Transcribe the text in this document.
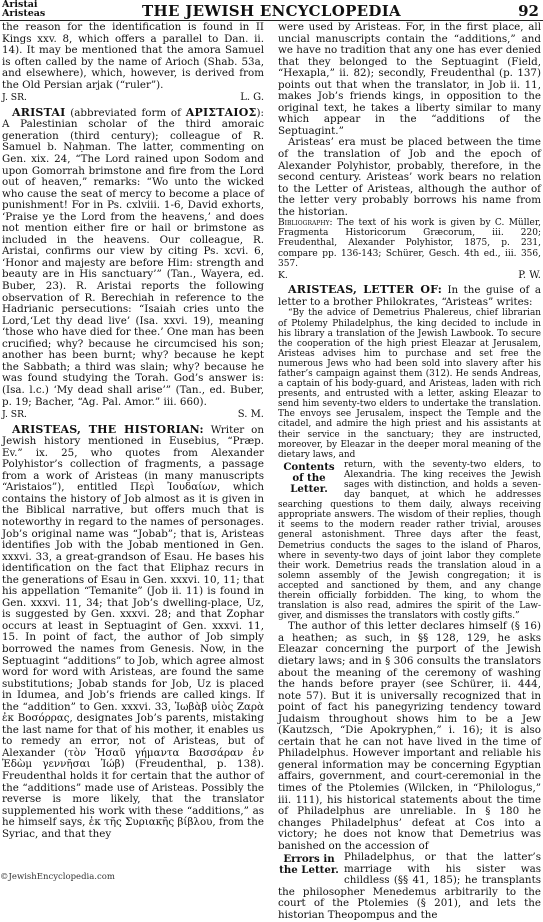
Aristai
Aristeas	THE JEWISH ENCYCLOPEDIA	92

the reason for the identification is found in II Kings xxv. 8, which offers a parallel to Dan. ii. 14). It may be mentioned that the amora Samuel is often called by the name of Arioch (Shab. 53a, and elsewhere), which, however, is derived from the Old Persian arjak (“ruler”).

J. SR.	L. G.

ARISTAI (abbreviated form of ΑΡΙΣΤΑΙΟΣ): A Palestinian scholar of the third amoraic generation (third century); colleague of R. Samuel b. Naḥman. The latter, commenting on Gen. xix. 24, “The Lord rained upon Sodom and upon Gomorrah brimstone and fire from the Lord out of heaven,” remarks: “Wo unto the wicked who cause the seat of mercy to become a place of punishment! For in Ps. cxlviii. 1-6, David exhorts, ‘Praise ye the Lord from the heavens,’ and does not mention either fire or hail or brimstone as included in the heavens. Our colleague, R. Aristai, confirms our view by citing Ps. xcvi. 6, ‘Honor and majesty are before Him: strength and beauty are in His sanctuary’” (Tan., Wayera, ed. Buber, 23). R. Aristai reports the following observation of R. Berechiah in reference to the Hadrianic persecutions: “Isaiah cries unto the Lord,‘Let thy dead live’ (Isa. xxvi. 19), meaning ‘those who have died for thee.’ One man has been crucified; why? because he circumcised his son; another has been burnt; why? because he kept the Sabbath; a third was slain; why? because he was found studying the Torah. God’s answer is: (Isa. l.c.) ‘My dead shall arise’” (Tan., ed. Buber, p. 19; Bacher, “Ag. Pal. Amor.” iii. 660).

J. SR.	S. M.

ARISTEAS, THE HISTORIAN: Writer on Jewish history mentioned in Eusebius, “Præp. Ev.” ix. 25, who quotes from Alexander Polyhistor’s collection of fragments, a passage from a work of Aristeas (in many manuscripts “Aristaios”), entitled Περὶ Ἰουδαίων, which contains the history of Job almost as it is given in the Biblical narrative, but offers much that is noteworthy in regard to the names of personages. Job’s original name was “Jobab”; that is, Aristeas identifies Job with the Jobab mentioned in Gen. xxxvi. 33, a great-grandson of Esau. He bases his identification on the fact that Eliphaz recurs in the generations of Esau in Gen. xxxvi. 10, 11; that his appellation “Temanite” (Job ii. 11) is found in Gen. xxxvi. 11, 34; that Job’s dwelling-place, Uz, is suggested by Gen. xxxvi. 28; and that Zophar occurs at least in Septuagint of Gen. xxxvi. 11, 15. In point of fact, the author of Job simply borrowed the names from Genesis. Now, in the Septuagint “additions” to Job, which agree almost word for word with Aristeas, are found the same substitutions; Jobab stands for Job, Uz is placed in Idumea, and Job’s friends are called kings. If the “addition” to Gen. xxxvi. 33, Ἰωβὰβ υἱὸς Ζαρὰ ἐκ Βοσόρρας, designates Job’s parents, mistaking the last name for that of his mother, it enables us to remedy an error, not of Aristeas, but of Alexander (τὸν Ἠσαῦ γήμαντα Βασσάραν ἐν Ἐδὼμ γεννῆσαι Ἰώβ) (Freudenthal, p. 138). Freudenthal holds it for certain that the author of the “additions” made use of Aristeas. Possibly the reverse is more likely, that the translator supplemented his work with these “additions,” as he himself says, ἐκ τῆς Συριακῆς βίβλου, from the Syriac, and that they

were used by Aristeas. For, in the first place, all uncial manuscripts contain the “additions,” and we have no tradition that any one has ever denied that they belonged to the Septuagint (Field, “Hexapla,” ii. 82); secondly, Freudenthal (p. 137) points out that when the translator, in Job ii. 11, makes Job’s friends kings, in opposition to the original text, he takes a liberty similar to many which appear in the “additions of the Septuagint.”

Aristeas’ era must be placed between the time of the translation of Job and the epoch of Alexander Polyhistor, probably, therefore, in the second century. Aristeas’ work bears no relation to the Letter of Aristeas, although the author of the letter very probably borrows his name from the historian.

Bibliography: The text of his work is given by C. Müller, Fragmenta Historicorum Græcorum, iii. 220; Freudenthal, Alexander Polyhistor, 1875, p. 231, compare pp. 136-143; Schürer, Gesch. 4th ed., iii. 356, 357.

K.	P. W.

ARISTEAS, LETTER OF: In the guise of a letter to a brother Philokrates, “Aristeas” writes:

“By the advice of Demetrius Phalereus, chief librarian of Ptolemy Philadelphus, the king decided to include in his library a translation of the Jewish Lawbook. To secure the cooperation of the high priest Eleazar at Jerusalem, Aristeas advises him to purchase and set free the numerous Jews who had been sold into slavery after his father’s campaign against them (312). He sends Andreas, a captain of his body-guard, and Aristeas, laden with rich presents, and entrusted with a letter, asking Eleazar to send him seventy-two elders to undertake the translation. The envoys see Jerusalem, inspect the Temple and the citadel, and admire the high priest and his assistants at their service in the sanctuary; they are instructed, moreover, by Eleazar in the deeper moral meaning of the dietary laws, and

Contents of the Letter.

return, with the seventy-two elders, to Alexandria. The king receives the Jewish sages with distinction, and holds a seven-day banquet, at which he addresses searching questions to them daily, always receiving appropriate answers. The wisdom of their replies, though it seems to the modern reader rather trivial, arouses general astonishment. Three days after the feast, Demetrius conducts the sages to the island of Pharos, where in seventy-two days of joint labor they complete their work. Demetrius reads the translation aloud in a solemn assembly of the Jewish congregation; it is accepted and sanctioned by them, and any change therein officially forbidden. The king, to whom the translation is also read, admires the spirit of the Law-giver, and dismisses the translators with costly gifts.”

The author of this letter declares himself (§ 16) a heathen; as such, in §§ 128, 129, he asks Eleazar concerning the purport of the Jewish dietary laws; and in § 306 consults the translators about the meaning of the ceremony of washing the hands before prayer (see Schürer, ii. 444, note 57). But it is universally recognized that in point of fact his panegyrizing tendency toward Judaism throughout shows him to be a Jew (Kautzsch, “Die Apokryphen,” i. 16); it is also certain that he can not have lived in the time of Philadelphus. However important and reliable his general information may be concerning Egyptian affairs, government, and court-ceremonial in the times of the Ptolemies (Wilcken, in “Philologus,” iii. 111), his historical statements about the time of Philadelphus are unreliable. In § 180 he changes Philadelphus’ defeat at Cos into a victory; he does not know that Demetrius was banished on the accession of

Errors in the Letter.

Philadelphus, or that the latter’s marriage with his sister was childless (§§ 41, 185); he transplants the philosopher Menedemus arbitrarily to the court of the Ptolemies (§ 201), and lets the historian Theopompus and the

©JewishEncyclopedia.com
